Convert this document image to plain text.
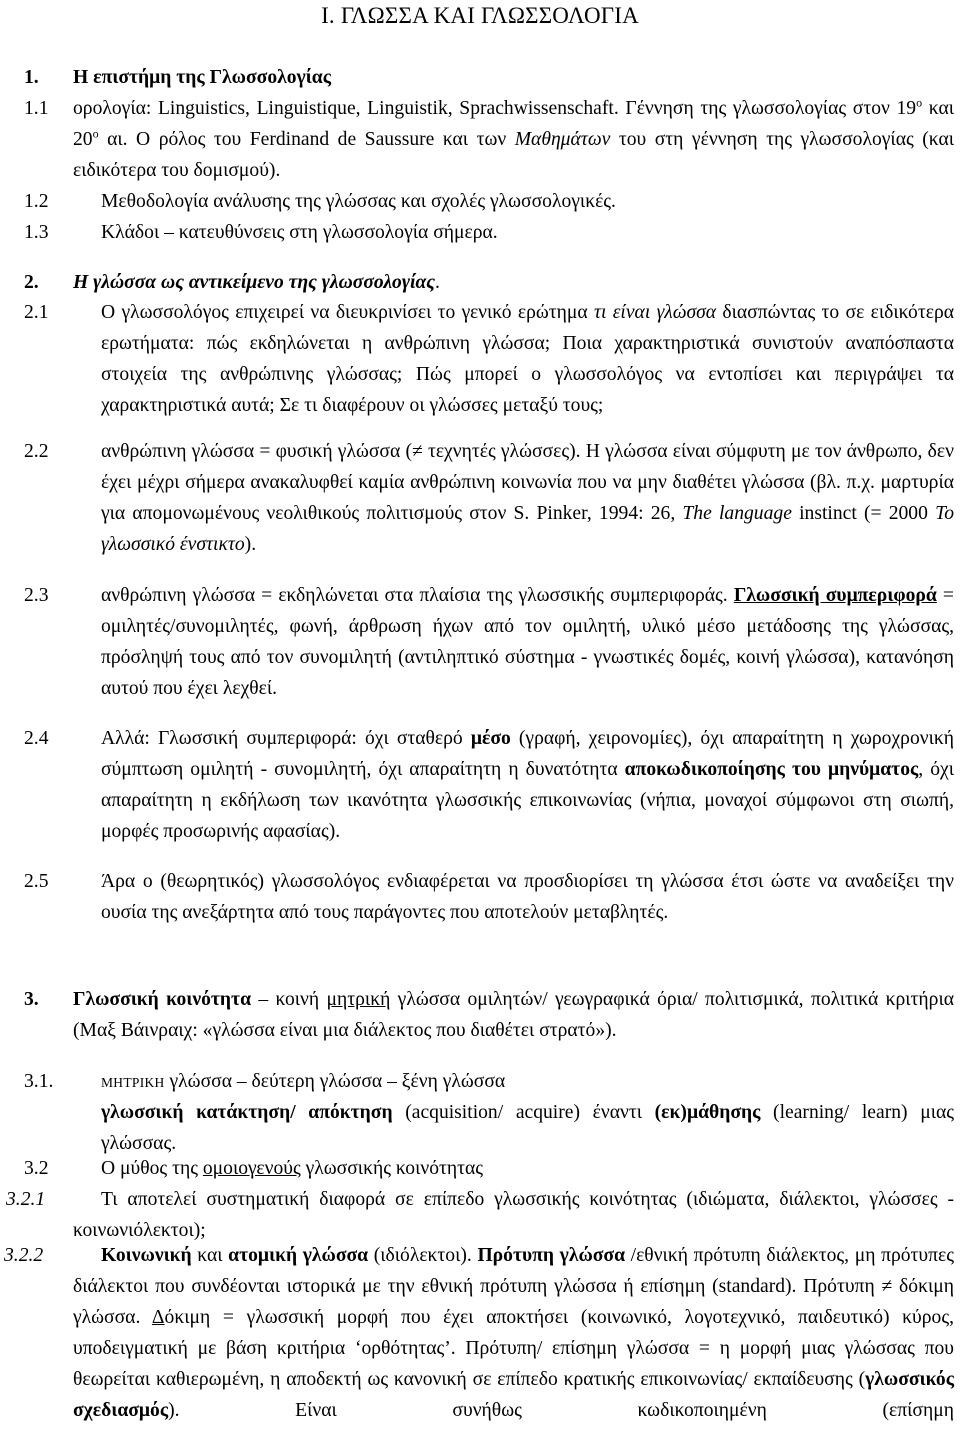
I. ΓΛΩΣΣΑ ΚΑΙ ΓΛΩΣΣΟΛΟΓΙΑ
1. Η επιστήμη της Γλωσσολογίας
1.1 ορολογία: Linguistics, Linguistique, Linguistik, Sprachwissenschaft. Γέννηση της γλωσσολογίας στον $19^o$ και $20^o$ αι. Ο ρόλος του Ferdinand de Saussure και των Μαθημάτων του στη γέννηση της γλωσσολογίας (και ειδικότερα του δομισμού).
1.2	Μεθοδολογία ανάλυσης της γλώσσας και σχολές γλωσσολογικές.
1.3	Κλάδοι – κατευθύνσεις στη γλωσσολογία σήμερα.
2. Η γλώσσα ως αντικείμενο της γλωσσολογίας.
2.1	Ο γλωσσολόγος επιχειρεί να διευκρινίσει το γενικό ερώτημα τι είναι γλώσσα διασπώντας το σε ειδικότερα ερωτήματα: πώς εκδηλώνεται η ανθρώπινη γλώσσα; Ποια χαρακτηριστικά συνιστούν αναπόσπαστα στοιχεία της ανθρώπινης γλώσσας; Πώς μπορεί ο γλωσσολόγος να εντοπίσει και περιγράψει τα χαρακτηριστικά αυτά; Σε τι διαφέρουν οι γλώσσες μεταξύ τους;
2.2	ανθρώπινη γλώσσα = φυσική γλώσσα (≠ τεχνητές γλώσσες). Η γλώσσα είναι σύμφυτη με τον άνθρωπο, δεν έχει μέχρι σήμερα ανακαλυφθεί καμία ανθρώπινη κοινωνία που να μην διαθέτει γλώσσα (βλ. π.χ. μαρτυρία για απομονωμένους νεολιθικούς πολιτισμούς στον S. Pinker, 1994: 26, The language instinct (= 2000 Το γλωσσικό ένστικτο).
2.3	ανθρώπινη γλώσσα = εκδηλώνεται στα πλαίσια της γλωσσικής συμπεριφοράς. Γλωσσική συμπεριφορά = ομιλητές/συνομιλητές, φωνή, άρθρωση ήχων από τον ομιλητή, υλικό μέσο μετάδοσης της γλώσσας, πρόσληψή τους από τον συνομιλητή (αντιληπτικό σύστημα - γνωστικές δομές, κοινή γλώσσα), κατανόηση αυτού που έχει λεχθεί.
2.4	Αλλά: Γλωσσική συμπεριφορά: όχι σταθερό μέσο (γραφή, χειρονομίες), όχι απαραίτητη η χωροχρονική σύμπτωση ομιλητή - συνομιλητή, όχι απαραίτητη η δυνατότητα αποκωδικοποίησης του μηνύματος, όχι απαραίτητη η εκδήλωση των ικανότητα γλωσσικής επικοινωνίας (νήπια, μοναχοί σύμφωνοι στη σιωπή, μορφές προσωρινής αφασίας).
2.5	Άρα ο (θεωρητικός) γλωσσολόγος ενδιαφέρεται να προσδιορίσει τη γλώσσα έτσι ώστε να αναδείξει την ουσία της ανεξάρτητα από τους παράγοντες που αποτελούν μεταβλητές.
3. Γλωσσική κοινότητα – κοινή μητρική γλώσσα ομιλητών/ γεωγραφικά όρια/ πολιτισμικά, πολιτικά κριτήρια (Μαξ Βάινραιχ: «γλώσσα είναι μια διάλεκτος που διαθέτει στρατό»).
3.1.	ΜΗΤΡΙΚΗ γλώσσα – δεύτερη γλώσσα – ξένη γλώσσα
γλωσσική κατάκτηση/ απόκτηση (acquisition/ acquire) έναντι (εκ)μάθησης (learning/ learn) μιας γλώσσας.
3.2	Ο μύθος της ομοιογενούς γλωσσικής κοινότητας
3.2.1	Τι αποτελεί συστηματική διαφορά σε επίπεδο γλωσσικής κοινότητας (ιδιώματα, διάλεκτοι, γλώσσες - κοινωνιόλεκτοι);
3.2.2	Κοινωνική και ατομική γλώσσα (ιδιόλεκτοι). Πρότυπη γλώσσα /εθνική πρότυπη διάλεκτος, μη πρότυπες διάλεκτοι που συνδέονται ιστορικά με την εθνική πρότυπη γλώσσα ή επίσημη (standard). Πρότυπη ≠ δόκιμη γλώσσα. Δόκιμη = γλωσσική μορφή που έχει αποκτήσει (κοινωνικό, λογοτεχνικό, παιδευτικό) κύρος, υποδειγματική με βάση κριτήρια ‘ορθότητας’. Πρότυπη/ επίσημη γλώσσα = η μορφή μιας γλώσσας που θεωρείται καθιερωμένη, η αποδεκτή ως κανονική σε επίπεδο κρατικής επικοινωνίας/ εκπαίδευσης (γλωσσικός σχεδιασμός). Είναι συνήθως κωδικοποιημένη (επίσημη
